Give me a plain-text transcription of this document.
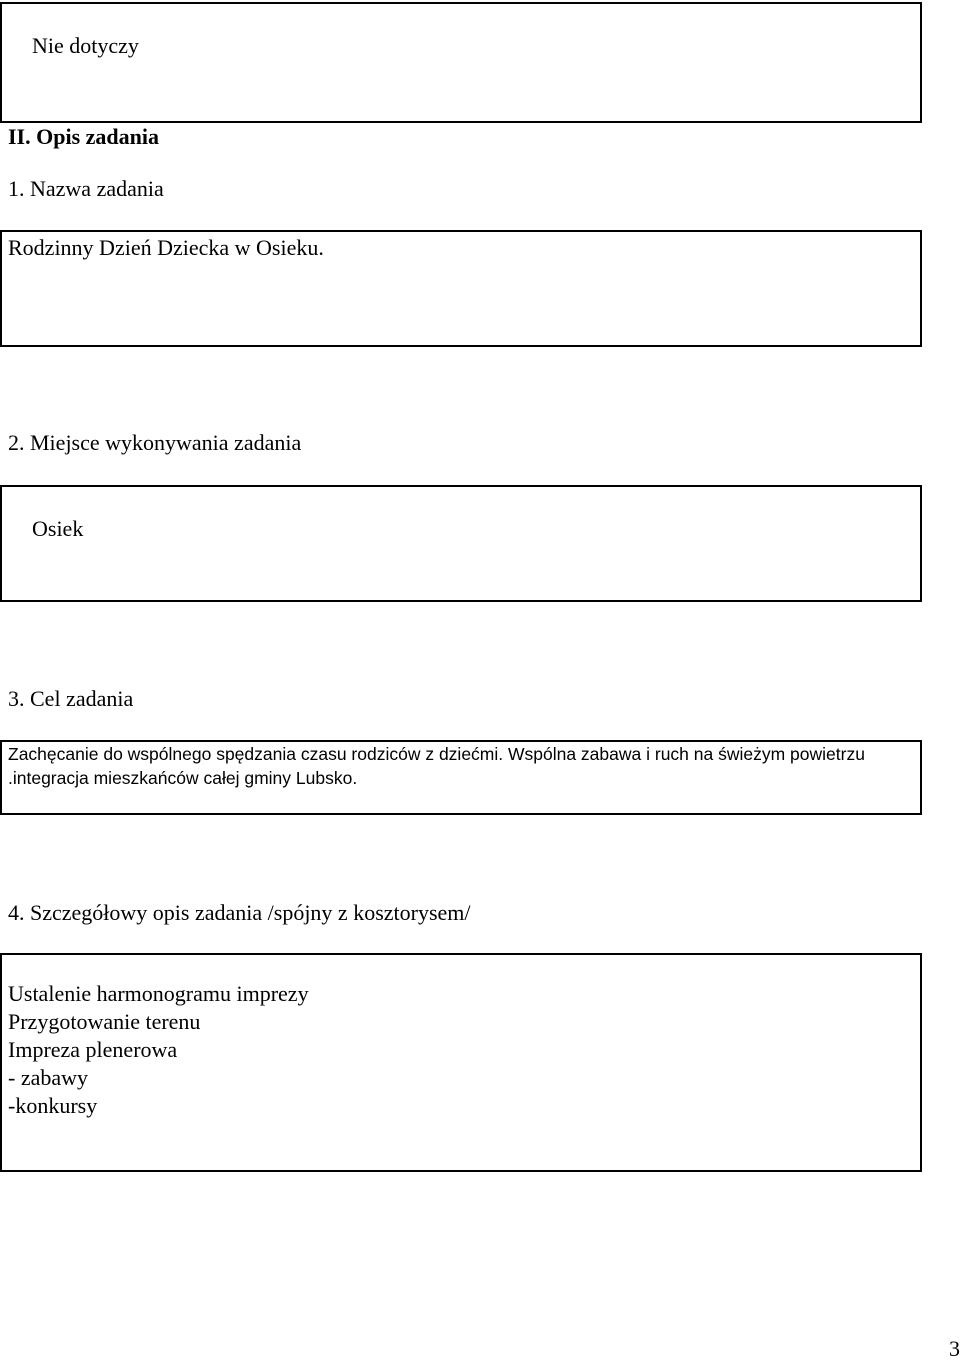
Nie dotyczy

II. Opis zadania

1. Nazwa zadania

Rodzinny Dzień Dziecka w Osieku.

2. Miejsce wykonywania zadania

Osiek

3. Cel zadania

Zachęcanie do wspólnego spędzania czasu rodziców z dziećmi. Wspólna zabawa i ruch na świeżym powietrzu .integracja mieszkańców całej gminy Lubsko.

4. Szczegółowy opis zadania /spójny z kosztorysem/

Ustalenie harmonogramu imprezy
Przygotowanie terenu
Impreza plenerowa
- zabawy
-konkursy

3
